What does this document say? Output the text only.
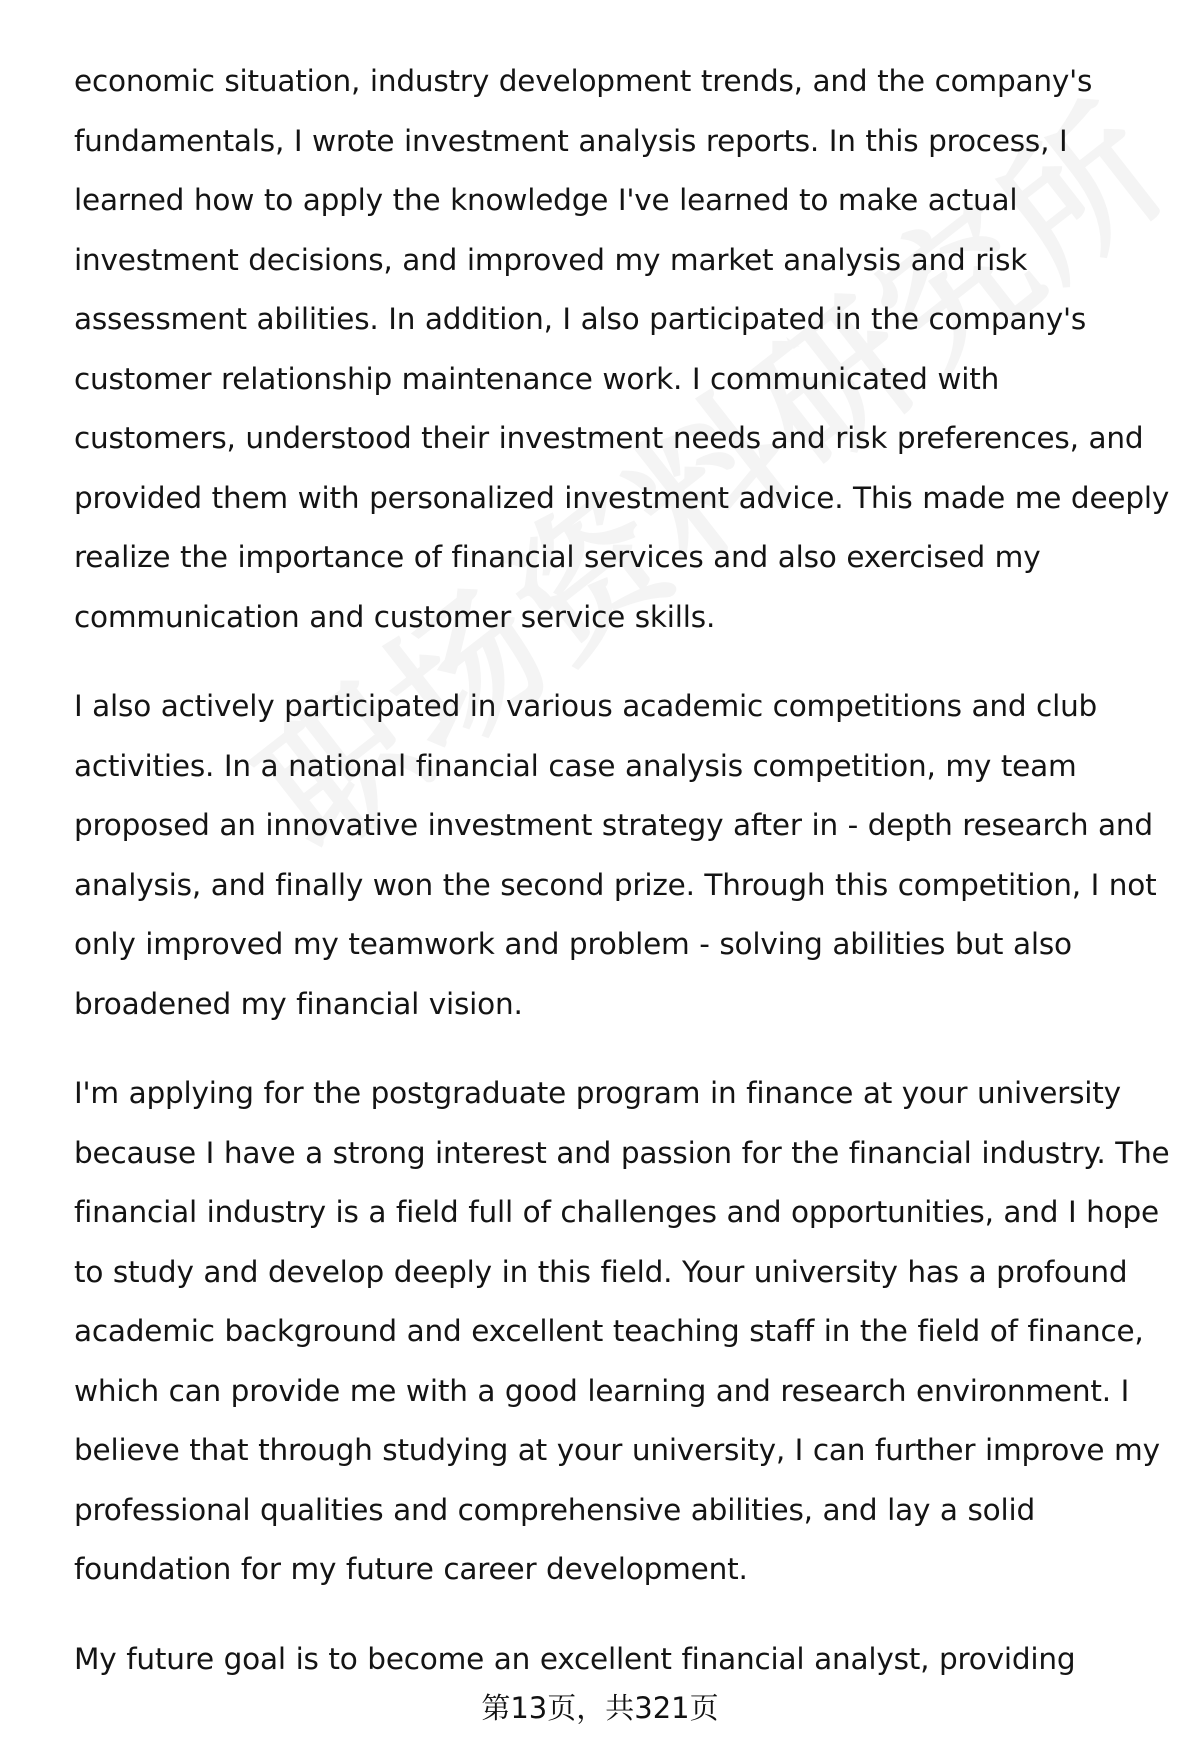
economic situation, industry development trends, and the company's fundamentals, I wrote investment analysis reports. In this process, I learned how to apply the knowledge I've learned to make actual investment decisions, and improved my market analysis and risk assessment abilities. In addition, I also participated in the company's customer relationship maintenance work. I communicated with customers, understood their investment needs and risk preferences, and provided them with personalized investment advice. This made me deeply realize the importance of financial services and also exercised my communication and customer service skills.

I also actively participated in various academic competitions and club activities. In a national financial case analysis competition, my team proposed an innovative investment strategy after in - depth research and analysis, and finally won the second prize. Through this competition, I not only improved my teamwork and problem - solving abilities but also broadened my financial vision.

I'm applying for the postgraduate program in finance at your university because I have a strong interest and passion for the financial industry. The financial industry is a field full of challenges and opportunities, and I hope to study and develop deeply in this field. Your university has a profound academic background and excellent teaching staff in the field of finance, which can provide me with a good learning and research environment. I believe that through studying at your university, I can further improve my professional qualities and comprehensive abilities, and lay a solid foundation for my future career development.

My future goal is to become an excellent financial analyst, providing

第13页，共321页
